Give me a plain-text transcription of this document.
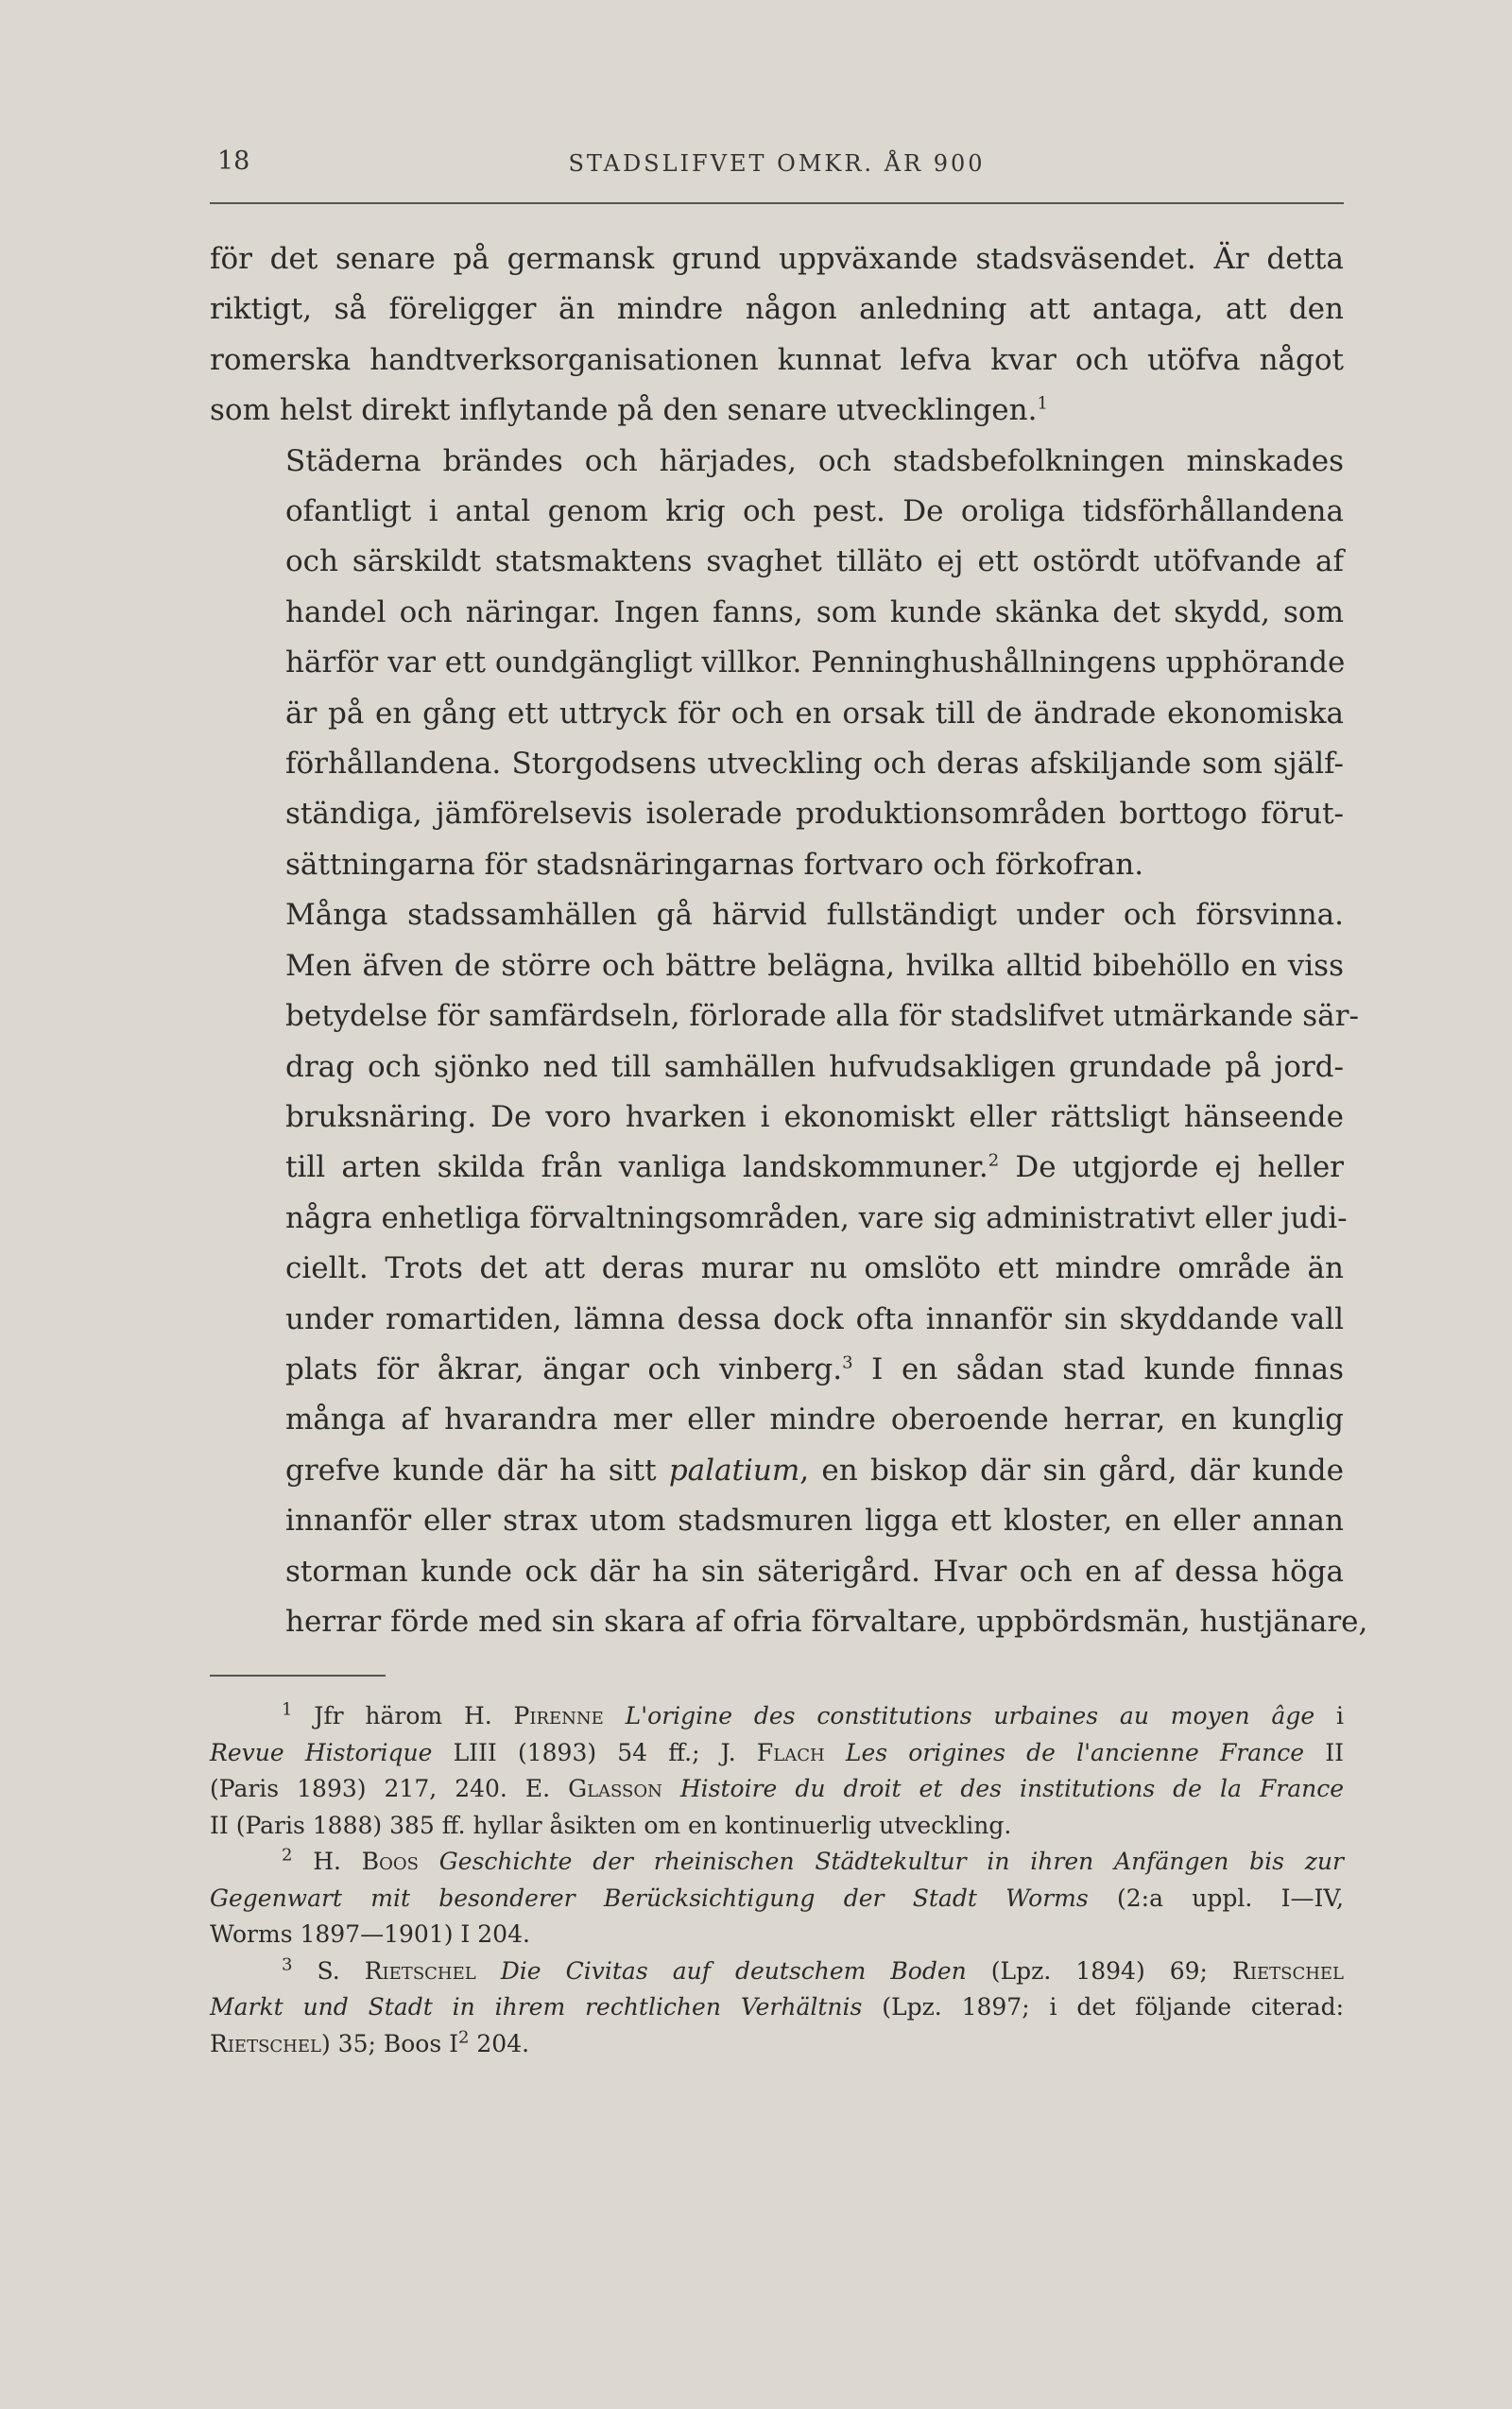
18	STADSLIFVET OMKR. ÅR 900

för det senare på germansk grund uppväxande stadsväsendet. Är detta
riktigt, så föreligger än mindre någon anledning att antaga, att den
romerska handtverksorganisationen kunnat lefva kvar och utöfva något
som helst direkt inflytande på den senare utvecklingen.$^1$

Städerna brändes och härjades, och stadsbefolkningen minskades
ofantligt i antal genom krig och pest. De oroliga tidsförhållandena
och särskildt statsmaktens svaghet tilläto ej ett ostördt utöfvande af
handel och näringar. Ingen fanns, som kunde skänka det skydd, som
härför var ett oundgängligt villkor. Penninghushållningens upphörande
är på en gång ett uttryck för och en orsak till de ändrade ekonomiska
förhållandena. Storgodsens utveckling och deras afskiljande som själf-
ständiga, jämförelsevis isolerade produktionsområden borttogo förut-
sättningarna för stadsnäringarnas fortvaro och förkofran.

Många stadssamhällen gå härvid fullständigt under och försvinna.
Men äfven de större och bättre belägna, hvilka alltid bibehöllo en viss
betydelse för samfärdseln, förlorade alla för stadslifvet utmärkande sär-
drag och sjönko ned till samhällen hufvudsakligen grundade på jord-
bruksnäring. De voro hvarken i ekonomiskt eller rättsligt hänseende
till arten skilda från vanliga landskommuner.$^2$ De utgjorde ej heller
några enhetliga förvaltningsområden, vare sig administrativt eller judi-
ciellt. Trots det att deras murar nu omslöto ett mindre område än
under romartiden, lämna dessa dock ofta innanför sin skyddande vall
plats för åkrar, ängar och vinberg.$^3$ I en sådan stad kunde finnas
många af hvarandra mer eller mindre oberoende herrar, en kunglig
grefve kunde där ha sitt palatium, en biskop där sin gård, där kunde
innanför eller strax utom stadsmuren ligga ett kloster, en eller annan
storman kunde ock där ha sin säterigård. Hvar och en af dessa höga
herrar förde med sin skara af ofria förvaltare, uppbördsmän, hustjänare,

$^1$ Jfr härom H. Pirenne L'origine des constitutions urbaines au moyen âge i
Revue Historique LIII (1893) 54 ff.; J. Flach Les origines de l'ancienne France II
(Paris 1893) 217, 240. E. Glasson Histoire du droit et des institutions de la France
II (Paris 1888) 385 ff. hyllar åsikten om en kontinuerlig utveckling.
$^2$ H. Boos Geschichte der rheinischen Städtekultur in ihren Anfängen bis zur
Gegenwart mit besonderer Berücksichtigung der Stadt Worms (2:a uppl. I—IV,
Worms 1897—1901) I 204.
$^3$ S. Rietschel Die Civitas auf deutschem Boden (Lpz. 1894) 69; Rietschel
Markt und Stadt in ihrem rechtlichen Verhältnis (Lpz. 1897; i det följande citerad:
Rietschel) 35; Boos $I^2$ 204.
